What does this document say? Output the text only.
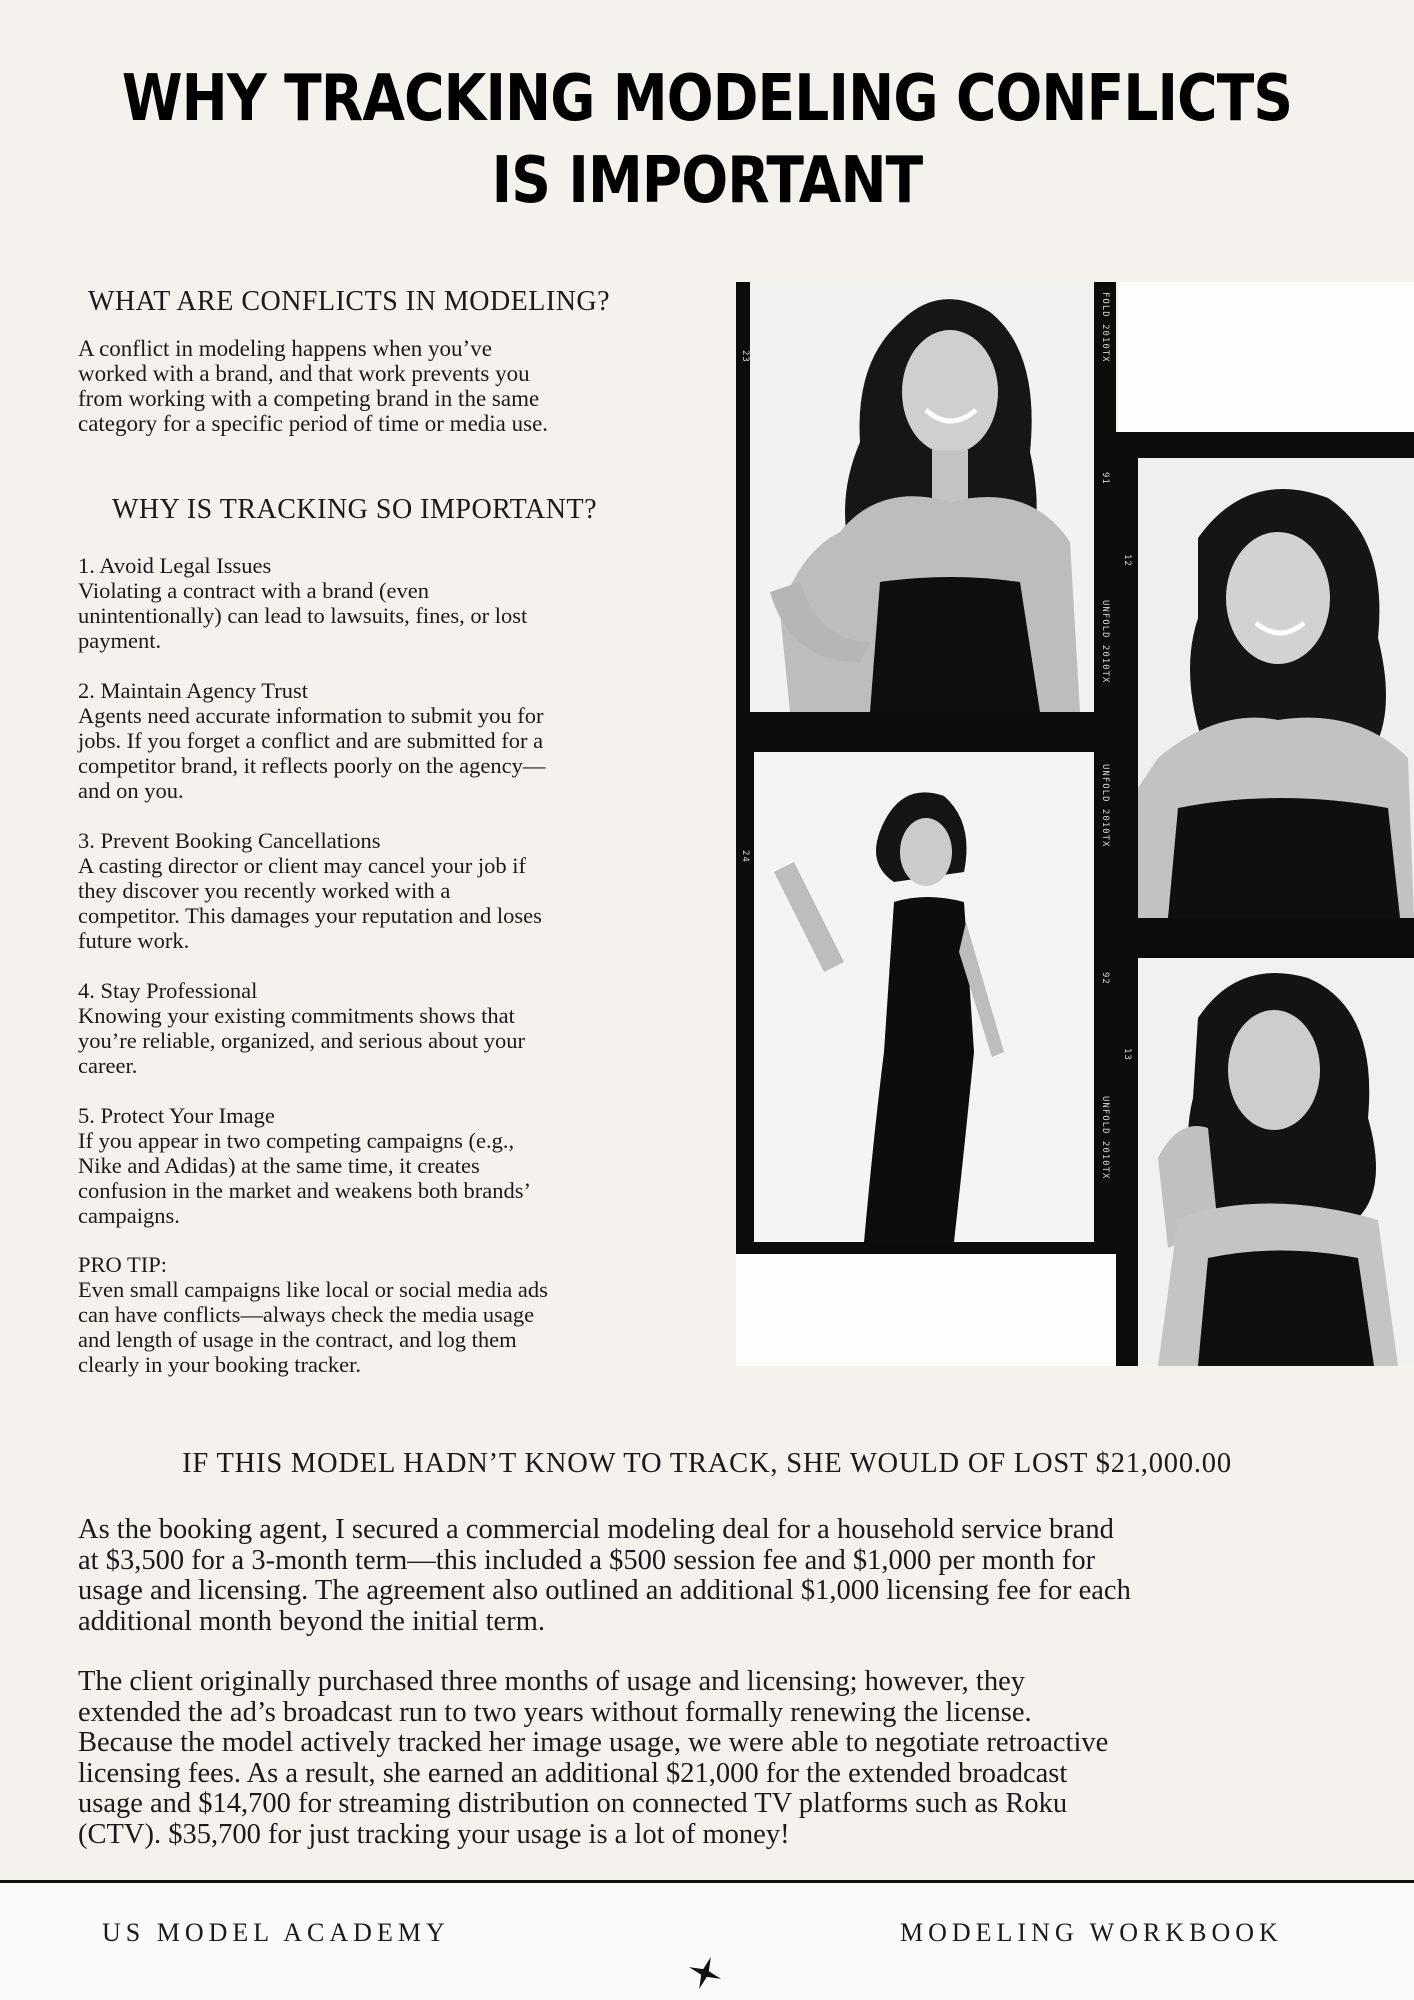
WHY TRACKING MODELING CONFLICTS
IS IMPORTANT
WHAT ARE CONFLICTS IN MODELING?

A conflict in modeling happens when you’ve
worked with a brand, and that work prevents you
from working with a competing brand in the same
category for a specific period of time or media use.

WHY IS TRACKING SO IMPORTANT?
1. Avoid Legal Issues
Violating a contract with a brand (even
unintentionally) can lead to lawsuits, fines, or lost
payment.
2. Maintain Agency Trust
Agents need accurate information to submit you for
jobs. If you forget a conflict and are submitted for a
competitor brand, it reflects poorly on the agency—
and on you.
3. Prevent Booking Cancellations
A casting director or client may cancel your job if
they discover you recently worked with a
competitor. This damages your reputation and loses
future work.
4. Stay Professional
Knowing your existing commitments shows that
you’re reliable, organized, and serious about your
career.
5. Protect Your Image
If you appear in two competing campaigns (e.g.,
Nike and Adidas) at the same time, it creates
confusion in the market and weakens both brands’
campaigns.
PRO TIP:
Even small campaigns like local or social media ads
can have conflicts—always check the media usage
and length of usage in the contract, and log them
clearly in your booking tracker.
FOLD 2010TX
23
91
12
UNFOLD 2010TX
UNFOLD 2010TX
24
92
13
UNFOLD 2010TX
IF THIS MODEL HADN’T KNOW TO TRACK, SHE WOULD OF LOST $21,000.00

As the booking agent, I secured a commercial modeling deal for a household service brand
at $3,500 for a 3-month term—this included a $500 session fee and $1,000 per month for
usage and licensing. The agreement also outlined an additional $1,000 licensing fee for each
additional month beyond the initial term.

The client originally purchased three months of usage and licensing; however, they
extended the ad’s broadcast run to two years without formally renewing the license.
Because the model actively tracked her image usage, we were able to negotiate retroactive
licensing fees. As a result, she earned an additional $21,000 for the extended broadcast
usage and $14,700 for streaming distribution on connected TV platforms such as Roku
(CTV). $35,700 for just tracking your usage is a lot of money!

US MODEL ACADEMY	MODELING WORKBOOK
